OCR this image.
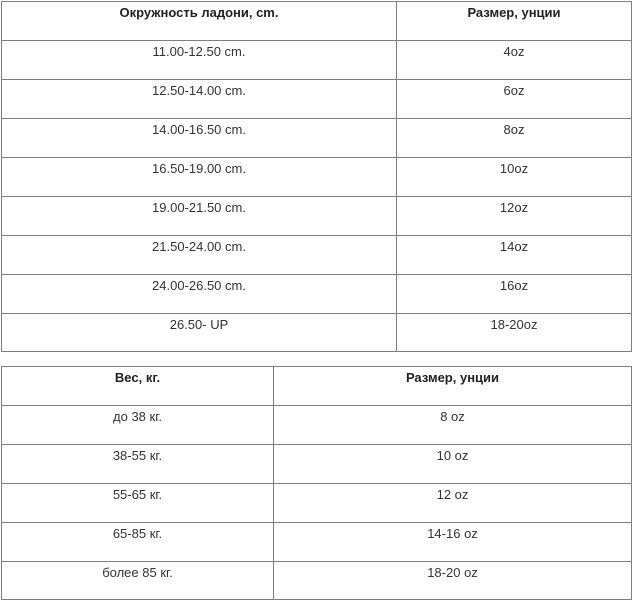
Окружность ладони, cm.	Размер, унции
11.00-12.50 cm.	4oz
12.50-14.00 cm.	6oz
14.00-16.50 cm.	8oz
16.50-19.00 cm.	10oz
19.00-21.50 cm.	12oz
21.50-24.00 cm.	14oz
24.00-26.50 cm.	16oz
26.50- UP	18-20oz
Вес, кг.	Размер, унции
до 38 кг.	8 oz
38-55 кг.	10 oz
55-65 кг.	12 oz
65-85 кг.	14-16 oz
более 85 кг.	18-20 oz
